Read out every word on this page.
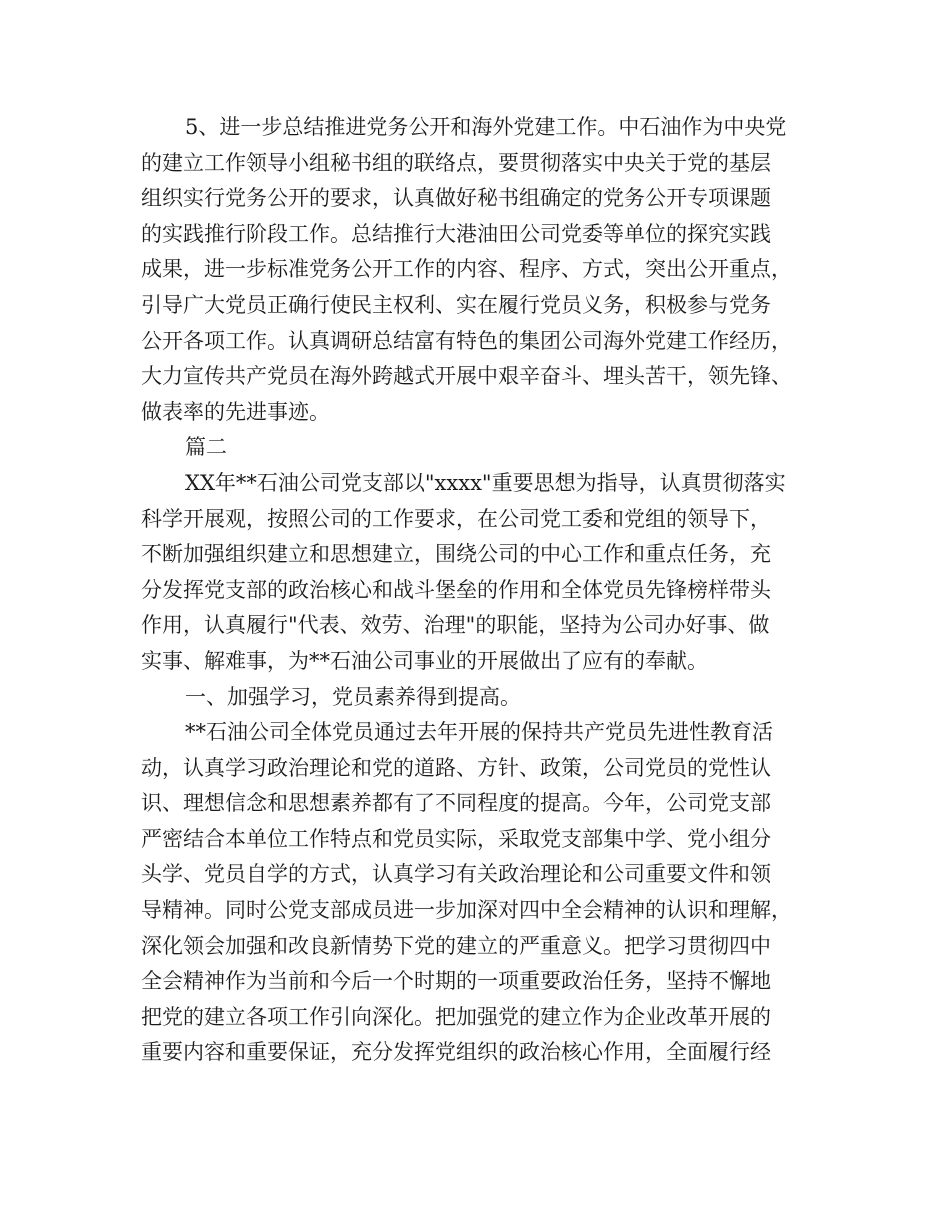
5、进一步总结推进党务公开和海外党建工作。中石油作为中央党
的建立工作领导小组秘书组的联络点，要贯彻落实中央关于党的基层
组织实行党务公开的要求，认真做好秘书组确定的党务公开专项课题
的实践推行阶段工作。总结推行大港油田公司党委等单位的探究实践
成果，进一步标准党务公开工作的内容、程序、方式，突出公开重点，
引导广大党员正确行使民主权利、实在履行党员义务，积极参与党务
公开各项工作。认真调研总结富有特色的集团公司海外党建工作经历，
大力宣传共产党员在海外跨越式开展中艰辛奋斗、埋头苦干，领先锋、
做表率的先进事迹。
篇二
XX年**石油公司党支部以"xxxx"重要思想为指导，认真贯彻落实
科学开展观，按照公司的工作要求，在公司党工委和党组的领导下，
不断加强组织建立和思想建立，围绕公司的中心工作和重点任务，充
分发挥党支部的政治核心和战斗堡垒的作用和全体党员先锋榜样带头
作用，认真履行"代表、效劳、治理"的职能，坚持为公司办好事、做
实事、解难事，为**石油公司事业的开展做出了应有的奉献。
一、加强学习，党员素养得到提高。
**石油公司全体党员通过去年开展的保持共产党员先进性教育活
动，认真学习政治理论和党的道路、方针、政策，公司党员的党性认
识、理想信念和思想素养都有了不同程度的提高。今年，公司党支部
严密结合本单位工作特点和党员实际，采取党支部集中学、党小组分
头学、党员自学的方式，认真学习有关政治理论和公司重要文件和领
导精神。同时公党支部成员进一步加深对四中全会精神的认识和理解，
深化领会加强和改良新情势下党的建立的严重意义。把学习贯彻四中
全会精神作为当前和今后一个时期的一项重要政治任务，坚持不懈地
把党的建立各项工作引向深化。把加强党的建立作为企业改革开展的
重要内容和重要保证，充分发挥党组织的政治核心作用，全面履行经
